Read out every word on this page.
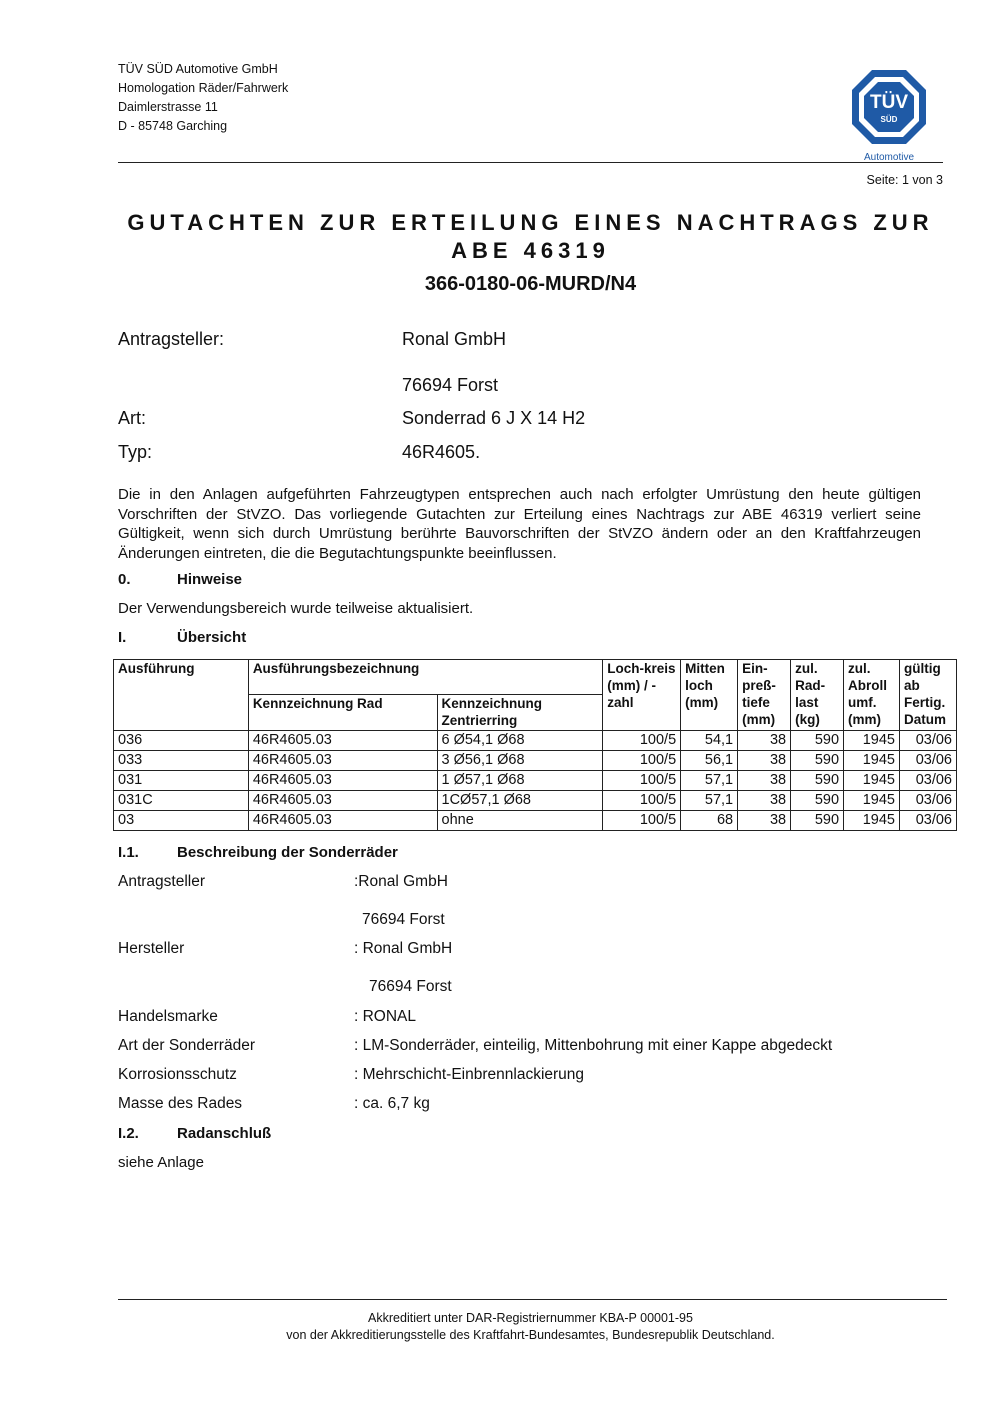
TÜV SÜD Automotive GmbH
Homologation Räder/Fahrwerk
Daimlerstrasse 11
D - 85748 Garching
TÜV
SÜD
Automotive
Seite: 1 von 3
GUTACHTEN ZUR ERTEILUNG EINES NACHTRAGS ZUR
ABE 46319
366-0180-06-MURD/N4
Antragsteller:	Ronal GmbH
76694 Forst
Art:	Sonderrad 6 J X 14 H2
Typ:	46R4605.
Die in den Anlagen aufgeführten Fahrzeugtypen entsprechen auch nach erfolgter Umrüstung den heute gültigen Vorschriften der StVZO. Das vorliegende Gutachten zur Erteilung eines Nachtrags zur ABE 46319 verliert seine Gültigkeit, wenn sich durch Umrüstung berührte Bauvorschriften der StVZO ändern oder an den Kraftfahrzeugen Änderungen eintreten, die die Begutachtungspunkte beeinflussen.
0.	Hinweise
Der Verwendungsbereich wurde teilweise aktualisiert.
I.	Übersicht
Ausführung	Ausführungsbezeichnung		Loch-kreis (mm) / -zahl	Mitten loch (mm)	Ein-preß-tiefe (mm)	zul. Rad-last (kg)	zul. Abroll umf. (mm)	gültig ab Fertig. Datum
	Kennzeichnung Rad	Kennzeichnung Zentrierring						
036	46R4605.03	6 Ø54,1 Ø68	100/5	54,1	38	590	1945	03/06
033	46R4605.03	3 Ø56,1 Ø68	100/5	56,1	38	590	1945	03/06
031	46R4605.03	1 Ø57,1 Ø68	100/5	57,1	38	590	1945	03/06
031C	46R4605.03	1CØ57,1 Ø68	100/5	57,1	38	590	1945	03/06
03	46R4605.03	ohne	100/5	68	38	590	1945	03/06
I.1.	Beschreibung der Sonderräder
Antragsteller	:Ronal GmbH
76694 Forst
Hersteller	: Ronal GmbH
76694 Forst
Handelsmarke	: RONAL
Art der Sonderräder	: LM-Sonderräder, einteilig, Mittenbohrung mit einer Kappe abgedeckt
Korrosionsschutz	: Mehrschicht-Einbrennlackierung
Masse des Rades	: ca. 6,7 kg
I.2.	Radanschluß
siehe Anlage
Akkreditiert unter DAR-Registriernummer KBA-P 00001-95
von der Akkreditierungsstelle des Kraftfahrt-Bundesamtes, Bundesrepublik Deutschland.
